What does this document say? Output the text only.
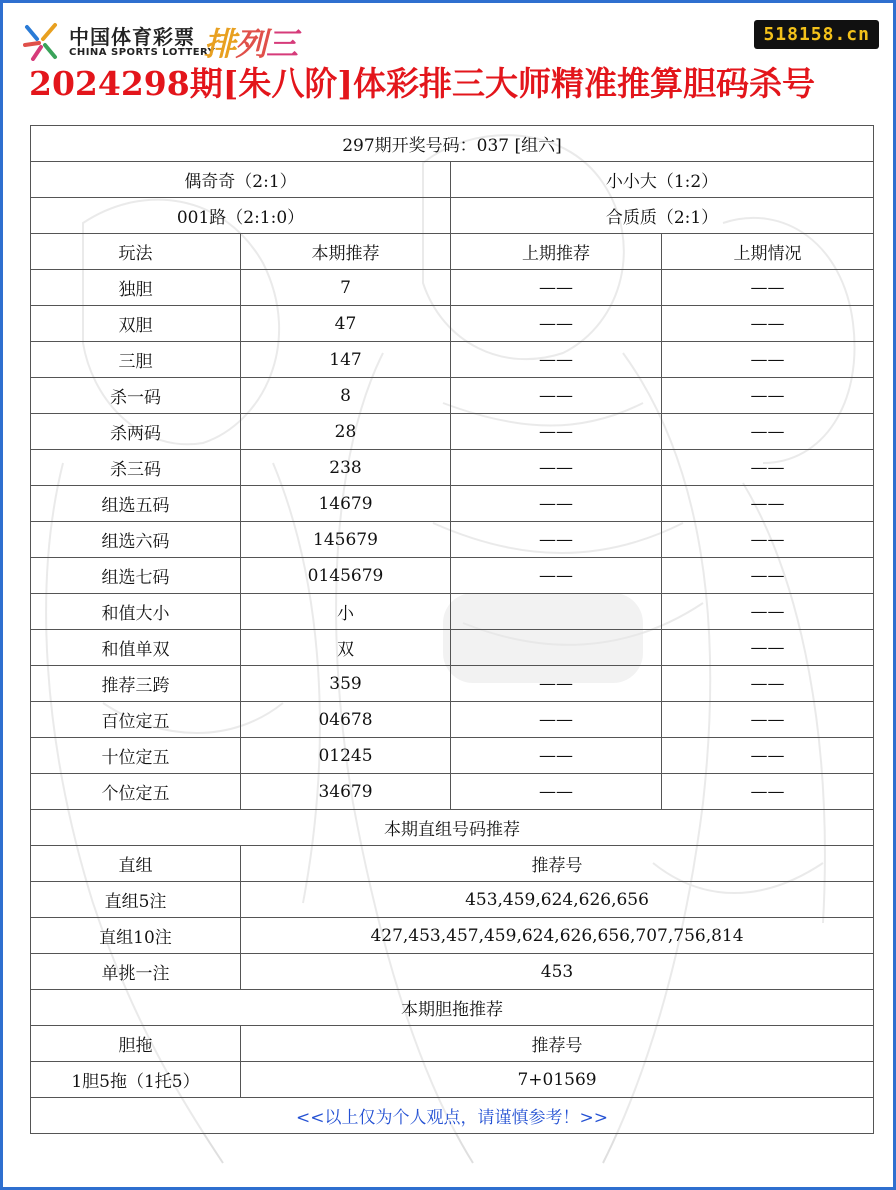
中国体育彩票
CHINA SPORTS LOTTERY
排列三	518158.cn
2024298期[朱八阶]体彩排三大师精准推算胆码杀号
297期开奖号码：037 [组六]			
偶奇奇（2:1）		小小大（1:2）	
001路（2:1:0）		合质质（2:1）	
玩法	本期推荐	上期推荐	上期情况
独胆	7	——	——
双胆	47	——	——
三胆	147	——	——
杀一码	8	——	——
杀两码	28	——	——
杀三码	238	——	——
组选五码	14679	——	——
组选六码	145679	——	——
组选七码	0145679	——	——
和值大小	小		——
和值单双	双		——
推荐三跨	359	——	——
百位定五	04678	——	——
十位定五	01245	——	——
个位定五	34679	——	——
本期直组号码推荐			
直组	推荐号		
直组5注	453,459,624,626,656		
直组10注	427,453,457,459,624,626,656,707,756,814		
单挑一注	453		
本期胆拖推荐			
胆拖	推荐号		
1胆5拖（1托5）	7+01569		
<<以上仅为个人观点，请谨慎参考！>>			
